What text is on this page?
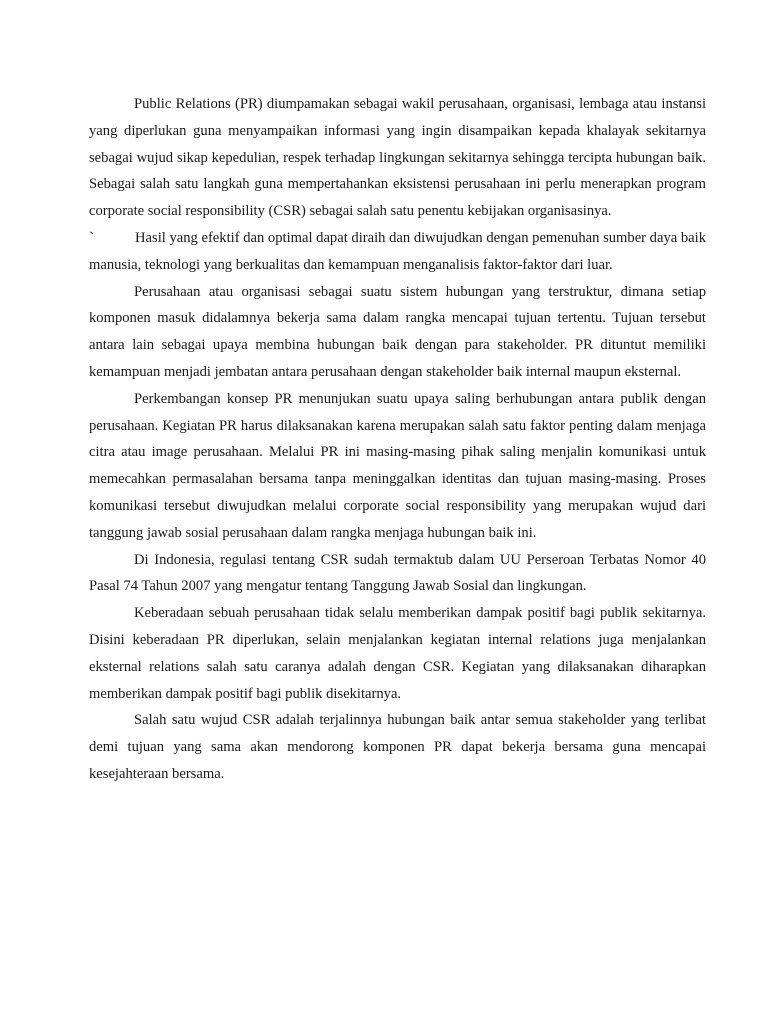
Public Relations (PR) diumpamakan sebagai wakil perusahaan, organisasi, lembaga atau instansi yang diperlukan guna menyampaikan informasi yang ingin disampaikan kepada khalayak sekitarnya sebagai wujud sikap kepedulian, respek terhadap lingkungan sekitarnya sehingga tercipta hubungan baik. Sebagai salah satu langkah guna mempertahankan eksistensi perusahaan ini perlu menerapkan program corporate social responsibility (CSR) sebagai salah satu penentu kebijakan organisasinya.

`	Hasil yang efektif dan optimal dapat diraih dan diwujudkan dengan pemenuhan sumber daya baik manusia, teknologi yang berkualitas dan kemampuan menganalisis faktor-faktor dari luar.

Perusahaan atau organisasi sebagai suatu sistem hubungan yang terstruktur, dimana setiap komponen masuk didalamnya bekerja sama dalam rangka mencapai tujuan tertentu. Tujuan tersebut antara lain sebagai upaya membina hubungan baik dengan para stakeholder. PR dituntut memiliki kemampuan menjadi jembatan antara perusahaan dengan stakeholder baik internal maupun eksternal.

Perkembangan konsep PR menunjukan suatu upaya saling berhubungan antara publik dengan perusahaan. Kegiatan PR harus dilaksanakan karena merupakan salah satu faktor penting dalam menjaga citra atau image perusahaan. Melalui PR ini masing-masing pihak saling menjalin komunikasi untuk memecahkan permasalahan bersama tanpa meninggalkan identitas dan tujuan masing-masing. Proses komunikasi tersebut diwujudkan melalui corporate social responsibility yang merupakan wujud dari tanggung jawab sosial perusahaan dalam rangka menjaga hubungan baik ini.

Di Indonesia, regulasi tentang CSR sudah termaktub dalam UU Perseroan Terbatas Nomor 40 Pasal 74 Tahun 2007 yang mengatur tentang Tanggung Jawab Sosial dan lingkungan.

Keberadaan sebuah perusahaan tidak selalu memberikan dampak positif bagi publik sekitarnya. Disini keberadaan PR diperlukan, selain menjalankan kegiatan internal relations juga menjalankan eksternal relations salah satu caranya adalah dengan CSR. Kegiatan yang dilaksanakan diharapkan memberikan dampak positif bagi publik disekitarnya.

Salah satu wujud CSR adalah terjalinnya hubungan baik antar semua stakeholder yang terlibat demi tujuan yang sama akan mendorong komponen PR dapat bekerja bersama guna mencapai kesejahteraan bersama.
